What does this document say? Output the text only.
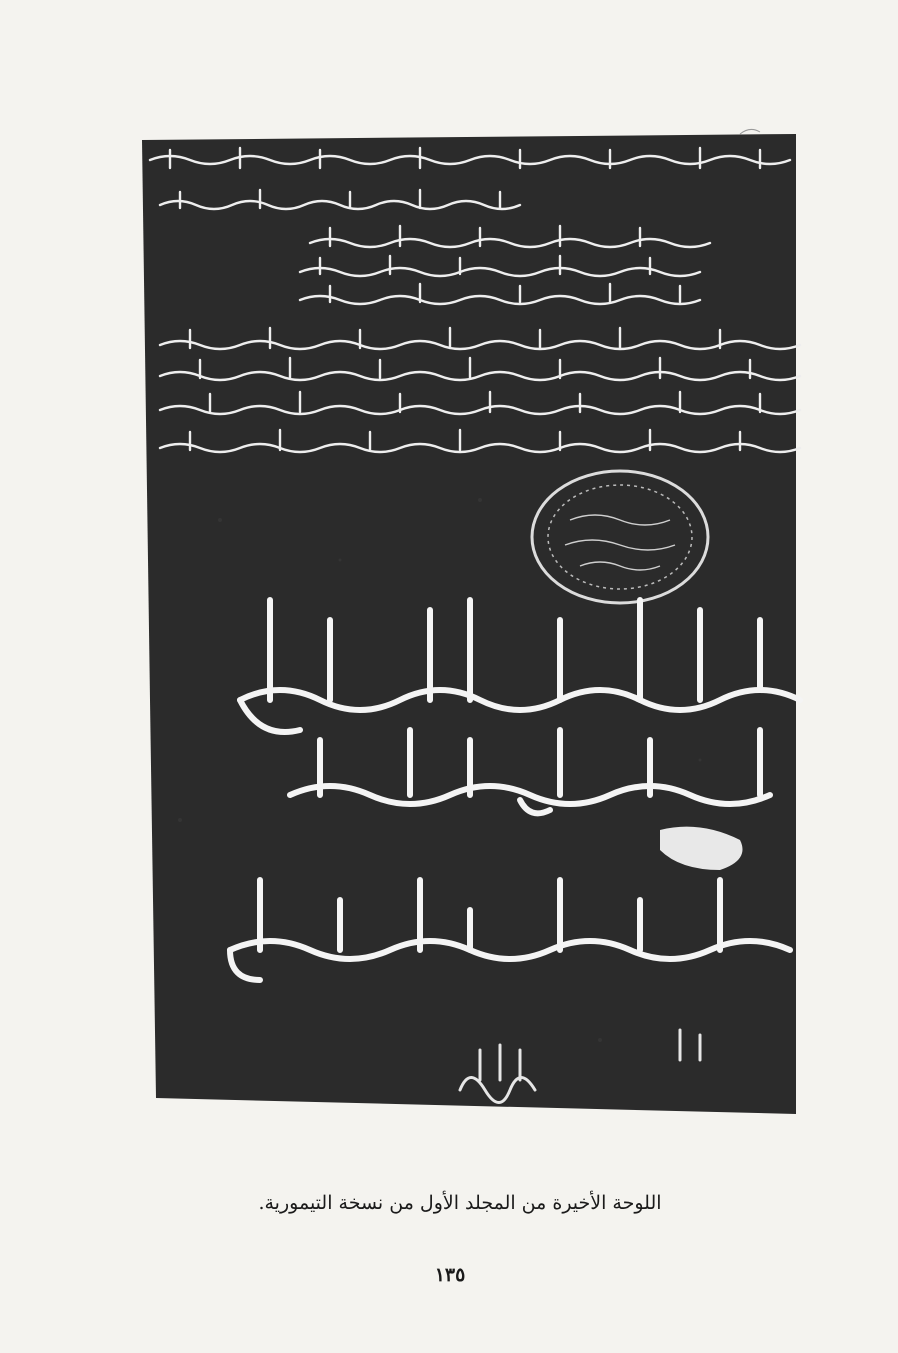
اللوحة الأخيرة من المجلد الأول من نسخة التيمورية.
١٣٥
